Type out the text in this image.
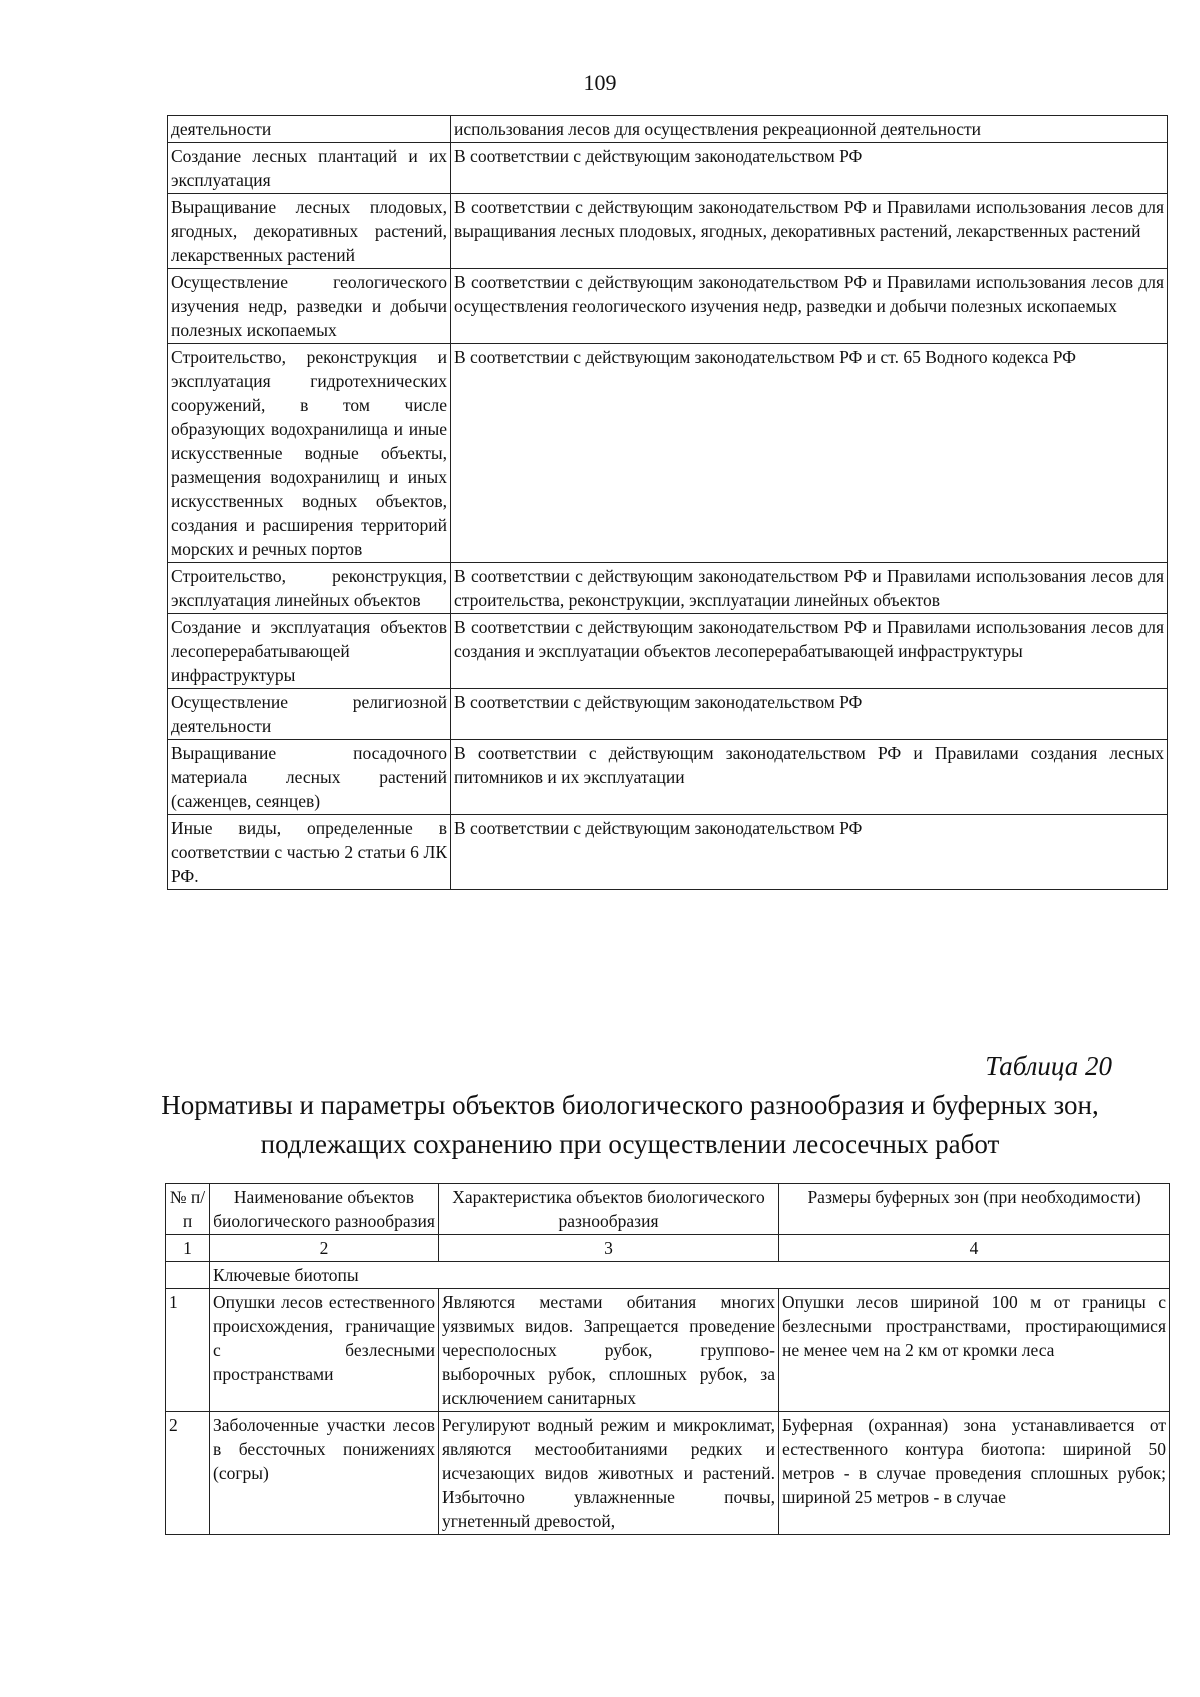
109
деятельности	использования лесов для осуществления рекреационной деятельности
Создание лесных плантаций и их эксплуатация	В соответствии с действующим законодательством РФ
Выращивание лесных плодовых, ягодных, декоративных растений, лекарственных растений	В соответствии с действующим законодательством РФ и Правилами использования лесов для выращивания лесных плодовых, ягодных, декоративных растений, лекарственных растений
Осуществление геологического изучения недр, разведки и добычи полезных ископаемых	В соответствии с действующим законодательством РФ и Правилами использования лесов для осуществления геологического изучения недр, разведки и добычи полезных ископаемых
Строительство, реконструкция и эксплуатация гидротехнических сооружений, в том числе образующих водохранилища и иные искусственные водные объекты, размещения водохранилищ и иных искусственных водных объектов, создания и расширения территорий морских и речных портов	В соответствии с действующим законодательством РФ и ст. 65 Водного кодекса РФ
Строительство, реконструкция, эксплуатация линейных объектов	В соответствии с действующим законодательством РФ и Правилами использования лесов для строительства, реконструкции, эксплуатации линейных объектов
Создание и эксплуатация объектов лесоперерабатывающей инфраструктуры	В соответствии с действующим законодательством РФ и Правилами использования лесов для создания и эксплуатации объектов лесоперерабатывающей инфраструктуры
Осуществление религиозной деятельности	В соответствии с действующим законодательством РФ
Выращивание посадочного материала лесных растений (саженцев, сеянцев)	В соответствии с действующим законодательством РФ и Правилами создания лесных питомников и их эксплуатации
Иные виды, определенные в соответствии с частью 2 статьи 6 ЛК РФ.	В соответствии с действующим законодательством РФ
Таблица 20
Нормативы и параметры объектов биологического разнообразия и буферных зон, подлежащих сохранению при осуществлении лесосечных работ
№ п/п	Наименование объектов биологического разнообразия	Характеристика объектов биологического разнообразия	Размеры буферных зон (при необходимости)
1	2	3	4
	Ключевые биотопы		
1	Опушки лесов естественного происхождения, граничащие с безлесными пространствами	Являются местами обитания многих уязвимых видов. Запрещается проведение чересполосных рубок, группово-выборочных рубок, сплошных рубок, за исключением санитарных	Опушки лесов шириной 100 м от границы с безлесными пространствами, простирающимися не менее чем на 2 км от кромки леса
2	Заболоченные участки лесов в бессточных понижениях (согры)	Регулируют водный режим и микроклимат, являются местообитаниями редких и исчезающих видов животных и растений. Избыточно увлажненные почвы, угнетенный древостой,	Буферная (охранная) зона устанавливается от естественного контура биотопа: шириной 50 метров - в случае проведения сплошных рубок; шириной 25 метров - в случае
